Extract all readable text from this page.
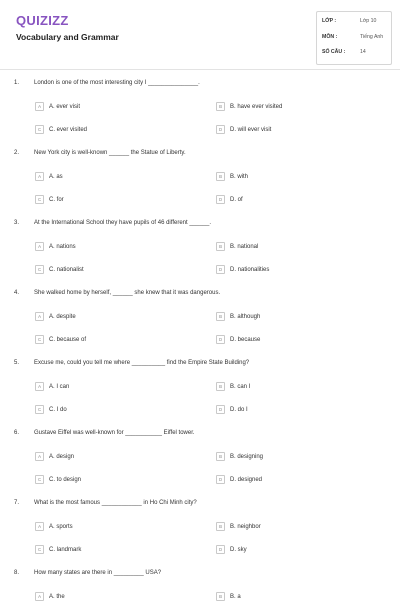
QUIZIZZ
Vocabulary and Grammar
LỚP :	Lớp 10
MÔN :	Tiếng Anh
SỐ CÂU :	14
1. London is one of the most interesting city I _______________.
A A. ever visit	B B. have ever visited
C C. ever visited	D D. will ever visit
2. New York city is well-known ______ the Statue of Liberty.
A A. as	B B. with
C C. for	D D. of
3. At the International School they have pupils of 46 different ______.
A A. nations	B B. national
C C. nationalist	D D. nationalities
4. She walked home by herself, ______ she knew that it was dangerous.
A A. despite	B B. although
C C. because of	D D. because
5. Excuse me, could you tell me where __________ find the Empire State Building?
A A. I can	B B. can I
C C. I do	D D. do I
6. Gustave Eiffel was well-known for ___________ Eiffel tower.
A A. design	B B. designing
C C. to design	D D. designed
7. What is the most famous ____________ in Ho Chi Minh city?
A A. sports	B B. neighbor
C C. landmark	D D. sky
8. How many states are there in _________ USA?
A A. the	B B. a
